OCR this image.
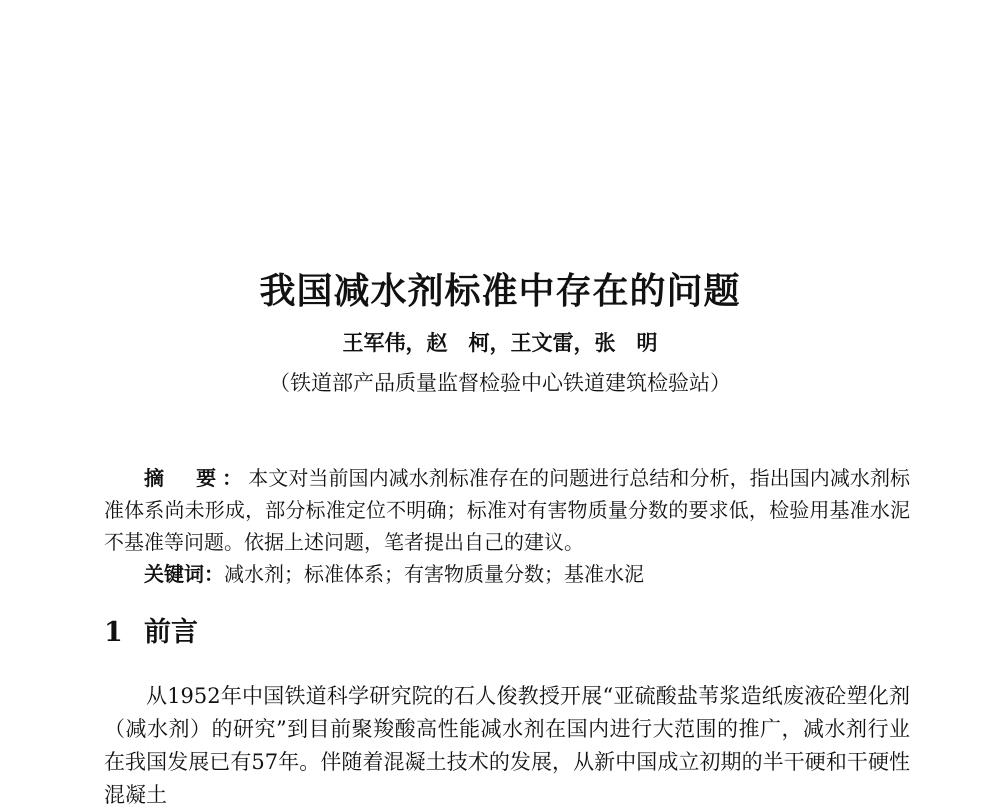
我国减水剂标准中存在的问题
王军伟，赵　柯，王文雷，张　明
（铁道部产品质量监督检验中心铁道建筑检验站）

摘　要：本文对当前国内减水剂标准存在的问题进行总结和分析，指出国内减水剂标准体系尚未形成，部分标准定位不明确；标准对有害物质量分数的要求低，检验用基准水泥不基准等问题。依据上述问题，笔者提出自己的建议。

关键词：减水剂；标准体系；有害物质量分数；基准水泥

1 前言

从1952年中国铁道科学研究院的石人俊教授开展“亚硫酸盐苇浆造纸废液砼塑化剂（减水剂）的研究”到目前聚羧酸高性能减水剂在国内进行大范围的推广，减水剂行业在我国发展已有57年。伴随着混凝土技术的发展，从新中国成立初期的半干硬和干硬性混凝土
